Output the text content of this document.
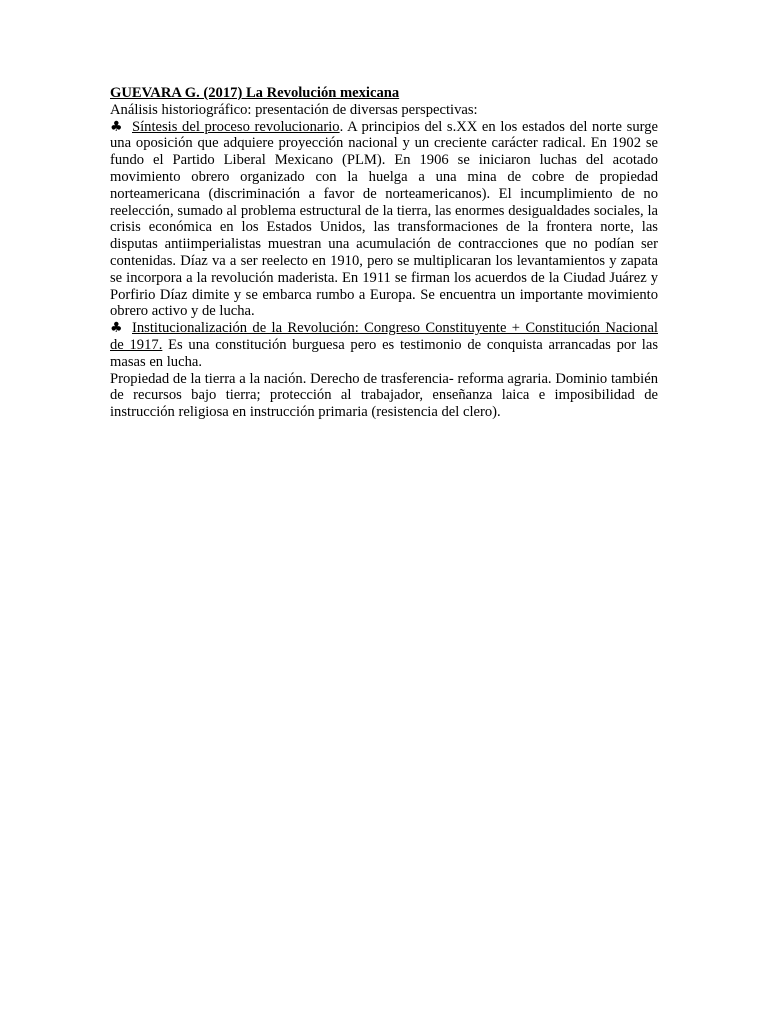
GUEVARA G. (2017) La Revolución mexicana

Análisis historiográfico: presentación de diversas perspectivas:

♣ Síntesis del proceso revolucionario. A principios del s.XX en los estados del norte surge una oposición que adquiere proyección nacional y un creciente carácter radical. En 1902 se fundo el Partido Liberal Mexicano (PLM). En 1906 se iniciaron luchas del acotado movimiento obrero organizado con la huelga a una mina de cobre de propiedad norteamericana (discriminación a favor de norteamericanos). El incumplimiento de no reelección, sumado al problema estructural de la tierra, las enormes desigualdades sociales, la crisis económica en los Estados Unidos, las transformaciones de la frontera norte, las disputas antiimperialistas muestran una acumulación de contracciones que no podían ser contenidas. Díaz va a ser reelecto en 1910, pero se multiplicaran los levantamientos y zapata se incorpora a la revolución maderista. En 1911 se firman los acuerdos de la Ciudad Juárez y Porfirio Díaz dimite y se embarca rumbo a Europa. Se encuentra un importante movimiento obrero activo y de lucha.

♣ Institucionalización de la Revolución: Congreso Constituyente + Constitución Nacional de 1917. Es una constitución burguesa pero es testimonio de conquista arrancadas por las masas en lucha.

Propiedad de la tierra a la nación. Derecho de trasferencia- reforma agraria. Dominio también de recursos bajo tierra; protección al trabajador, enseñanza laica e imposibilidad de instrucción religiosa en instrucción primaria (resistencia del clero).
